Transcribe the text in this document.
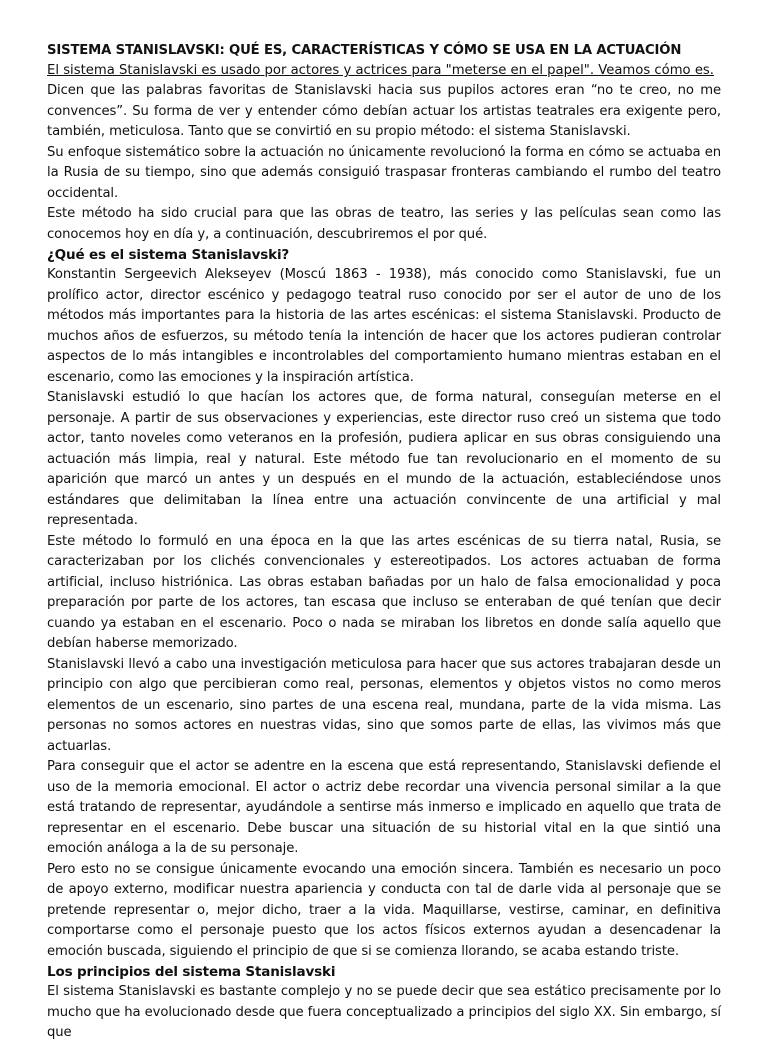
SISTEMA STANISLAVSKI: QUÉ ES, CARACTERÍSTICAS Y CÓMO SE USA EN LA ACTUACIÓN

El sistema Stanislavski es usado por actores y actrices para "meterse en el papel". Veamos cómo es.

Dicen que las palabras favoritas de Stanislavski hacia sus pupilos actores eran “no te creo, no me convences”. Su forma de ver y entender cómo debían actuar los artistas teatrales era exigente pero, también, meticulosa. Tanto que se convirtió en su propio método: el sistema Stanislavski.

Su enfoque sistemático sobre la actuación no únicamente revolucionó la forma en cómo se actuaba en la Rusia de su tiempo, sino que además consiguió traspasar fronteras cambiando el rumbo del teatro occidental.

Este método ha sido crucial para que las obras de teatro, las series y las películas sean como las conocemos hoy en día y, a continuación, descubriremos el por qué.

¿Qué es el sistema Stanislavski?

Konstantin Sergeevich Alekseyev (Moscú 1863 - 1938), más conocido como Stanislavski, fue un prolífico actor, director escénico y pedagogo teatral ruso conocido por ser el autor de uno de los métodos más importantes para la historia de las artes escénicas: el sistema Stanislavski. Producto de muchos años de esfuerzos, su método tenía la intención de hacer que los actores pudieran controlar aspectos de lo más intangibles e incontrolables del comportamiento humano mientras estaban en el escenario, como las emociones y la inspiración artística.

Stanislavski estudió lo que hacían los actores que, de forma natural, conseguían meterse en el personaje. A partir de sus observaciones y experiencias, este director ruso creó un sistema que todo actor, tanto noveles como veteranos en la profesión, pudiera aplicar en sus obras consiguiendo una actuación más limpia, real y natural. Este método fue tan revolucionario en el momento de su aparición que marcó un antes y un después en el mundo de la actuación, estableciéndose unos estándares que delimitaban la línea entre una actuación convincente de una artificial y mal representada.

Este método lo formuló en una época en la que las artes escénicas de su tierra natal, Rusia, se caracterizaban por los clichés convencionales y estereotipados. Los actores actuaban de forma artificial, incluso histriónica. Las obras estaban bañadas por un halo de falsa emocionalidad y poca preparación por parte de los actores, tan escasa que incluso se enteraban de qué tenían que decir cuando ya estaban en el escenario. Poco o nada se miraban los libretos en donde salía aquello que debían haberse memorizado.

Stanislavski llevó a cabo una investigación meticulosa para hacer que sus actores trabajaran desde un principio con algo que percibieran como real, personas, elementos y objetos vistos no como meros elementos de un escenario, sino partes de una escena real, mundana, parte de la vida misma. Las personas no somos actores en nuestras vidas, sino que somos parte de ellas, las vivimos más que actuarlas.

Para conseguir que el actor se adentre en la escena que está representando, Stanislavski defiende el uso de la memoria emocional. El actor o actriz debe recordar una vivencia personal similar a la que está tratando de representar, ayudándole a sentirse más inmerso e implicado en aquello que trata de representar en el escenario. Debe buscar una situación de su historial vital en la que sintió una emoción análoga a la de su personaje.

Pero esto no se consigue únicamente evocando una emoción sincera. También es necesario un poco de apoyo externo, modificar nuestra apariencia y conducta con tal de darle vida al personaje que se pretende representar o, mejor dicho, traer a la vida. Maquillarse, vestirse, caminar, en definitiva comportarse como el personaje puesto que los actos físicos externos ayudan a desencadenar la emoción buscada, siguiendo el principio de que si se comienza llorando, se acaba estando triste.

Los principios del sistema Stanislavski

El sistema Stanislavski es bastante complejo y no se puede decir que sea estático precisamente por lo mucho que ha evolucionado desde que fuera conceptualizado a principios del siglo XX. Sin embargo, sí que
